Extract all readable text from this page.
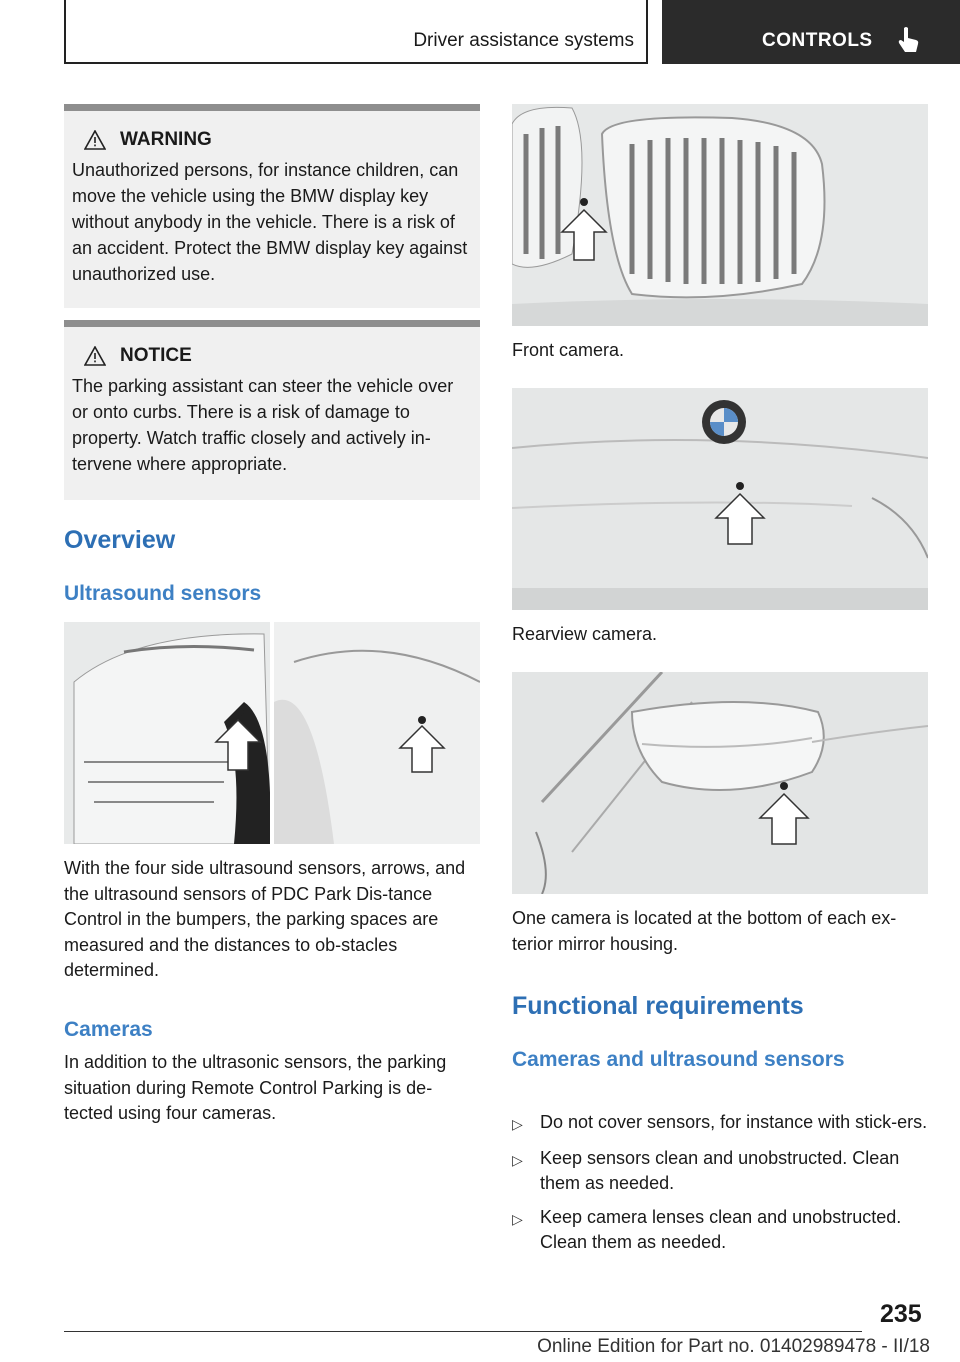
Driver assistance systems	CONTROLS
WARNING
Unauthorized persons, for instance children, can move the vehicle using the BMW display key without anybody in the vehicle. There is a risk of an accident. Protect the BMW display key against unauthorized use.
NOTICE
The parking assistant can steer the vehicle over or onto curbs. There is a risk of damage to property. Watch traffic closely and actively in-tervene where appropriate.
Overview
Ultrasound sensors
With the four side ultrasound sensors, arrows, and the ultrasound sensors of PDC Park Dis-tance Control in the bumpers, the parking spaces are measured and the distances to ob-stacles determined.
Cameras
In addition to the ultrasonic sensors, the parking situation during Remote Control Parking is de-tected using four cameras.
Front camera.
Rearview camera.
One camera is located at the bottom of each ex-terior mirror housing.
Functional requirements
Cameras and ultrasound sensors
▷ Do not cover sensors, for instance with stick-ers.
▷ Keep sensors clean and unobstructed. Clean them as needed.
▷ Keep camera lenses clean and unobstructed. Clean them as needed.
235
Online Edition for Part no. 01402989478 - II/18
